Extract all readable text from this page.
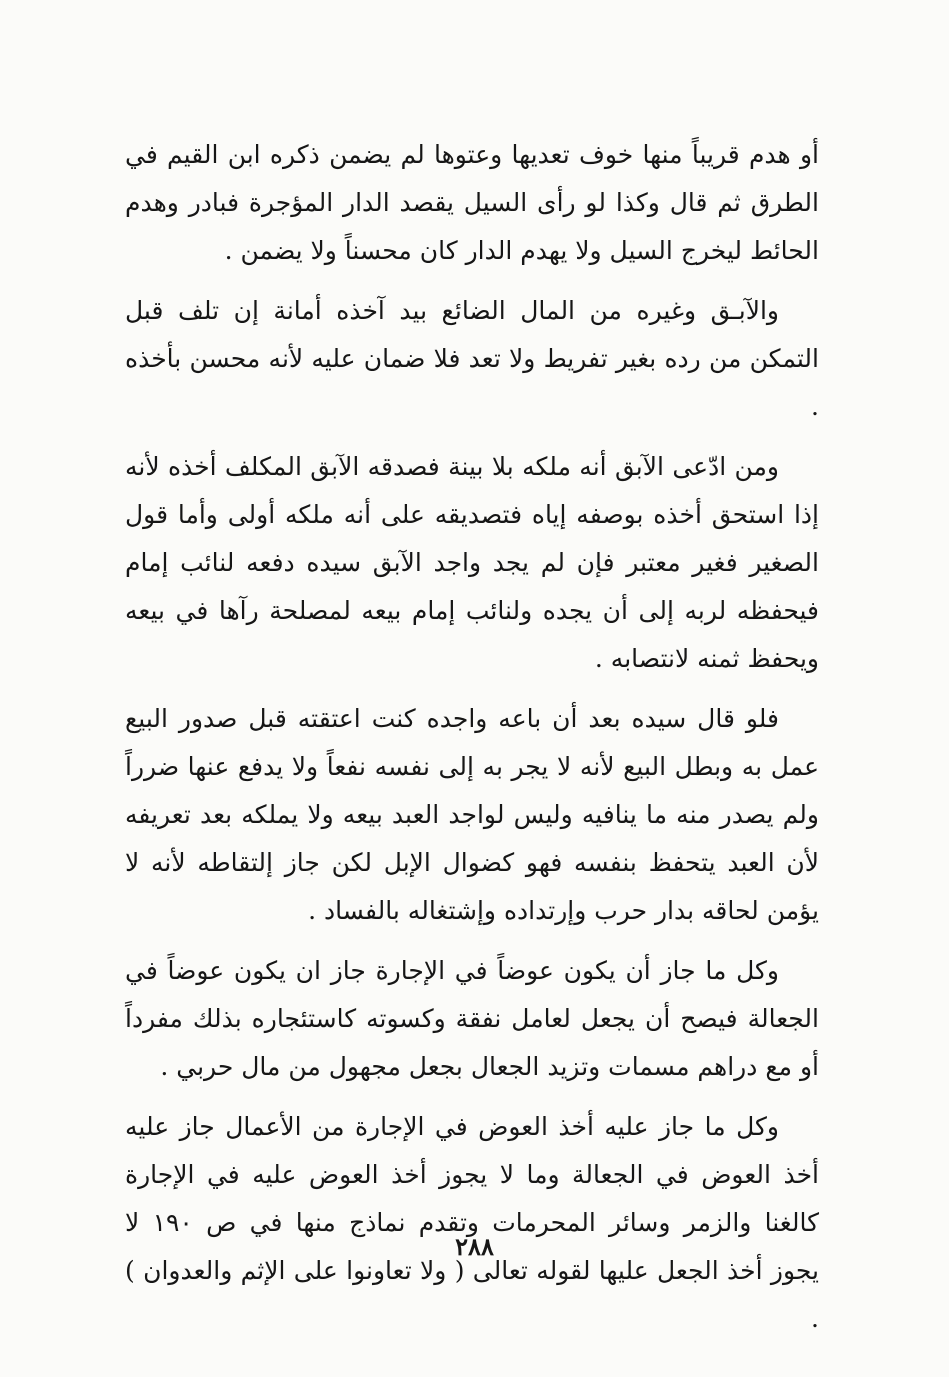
أو هدم قريباً منها خوف تعديها وعتوها لم يضمن ذكره ابن القيم في الطرق ثم قال وكذا لو رأى السيل يقصد الدار المؤجرة فبادر وهدم الحائط ليخرج السيل ولا يهدم الدار كان محسناً ولا يضمن .

والآبـق وغيره من المال الضائع بيد آخذه أمانة إن تلف قبل التمكن من رده بغير تفريط ولا تعد فلا ضمان عليه لأنه محسن بأخذه .

ومن ادّعى الآبق أنه ملكه بلا بينة فصدقه الآبق المكلف أخذه لأنه إذا استحق أخذه بوصفه إياه فتصديقه على أنه ملكه أولى وأما قول الصغير فغير معتبر فإن لم يجد واجد الآبق سيده دفعه لنائب إمام فيحفظه لربه إلى أن يجده ولنائب إمام بيعه لمصلحة رآها في بيعه ويحفظ ثمنه لانتصابه .

فلو قال سيده بعد أن باعه واجده كنت اعتقته قبل صدور البيع عمل به وبطل البيع لأنه لا يجر به إلى نفسه نفعاً ولا يدفع عنها ضرراً ولم يصدر منه ما ينافيه وليس لواجد العبد بيعه ولا يملكه بعد تعريفه لأن العبد يتحفظ بنفسه فهو كضوال الإبل لكن جاز إلتقاطه لأنه لا يؤمن لحاقه بدار حرب وإرتداده وإشتغاله بالفساد .

وكل ما جاز أن يكون عوضاً في الإجارة جاز ان يكون عوضاً في الجعالة فيصح أن يجعل لعامل نفقة وكسوته كاستئجاره بذلك مفرداً أو مع دراهم مسمات وتزيد الجعال بجعل مجهول من مال حربي .

وكل ما جاز عليه أخذ العوض في الإجارة من الأعمال جاز عليه أخذ العوض في الجعالة وما لا يجوز أخذ العوض عليه في الإجارة كالغنا والزمر وسائر المحرمات وتقدم نماذج منها في ص ١٩٠ لا يجوز أخذ الجعل عليها لقوله تعالى ( ولا تعاونوا على الإثم والعدوان ) .

٢٨٨
